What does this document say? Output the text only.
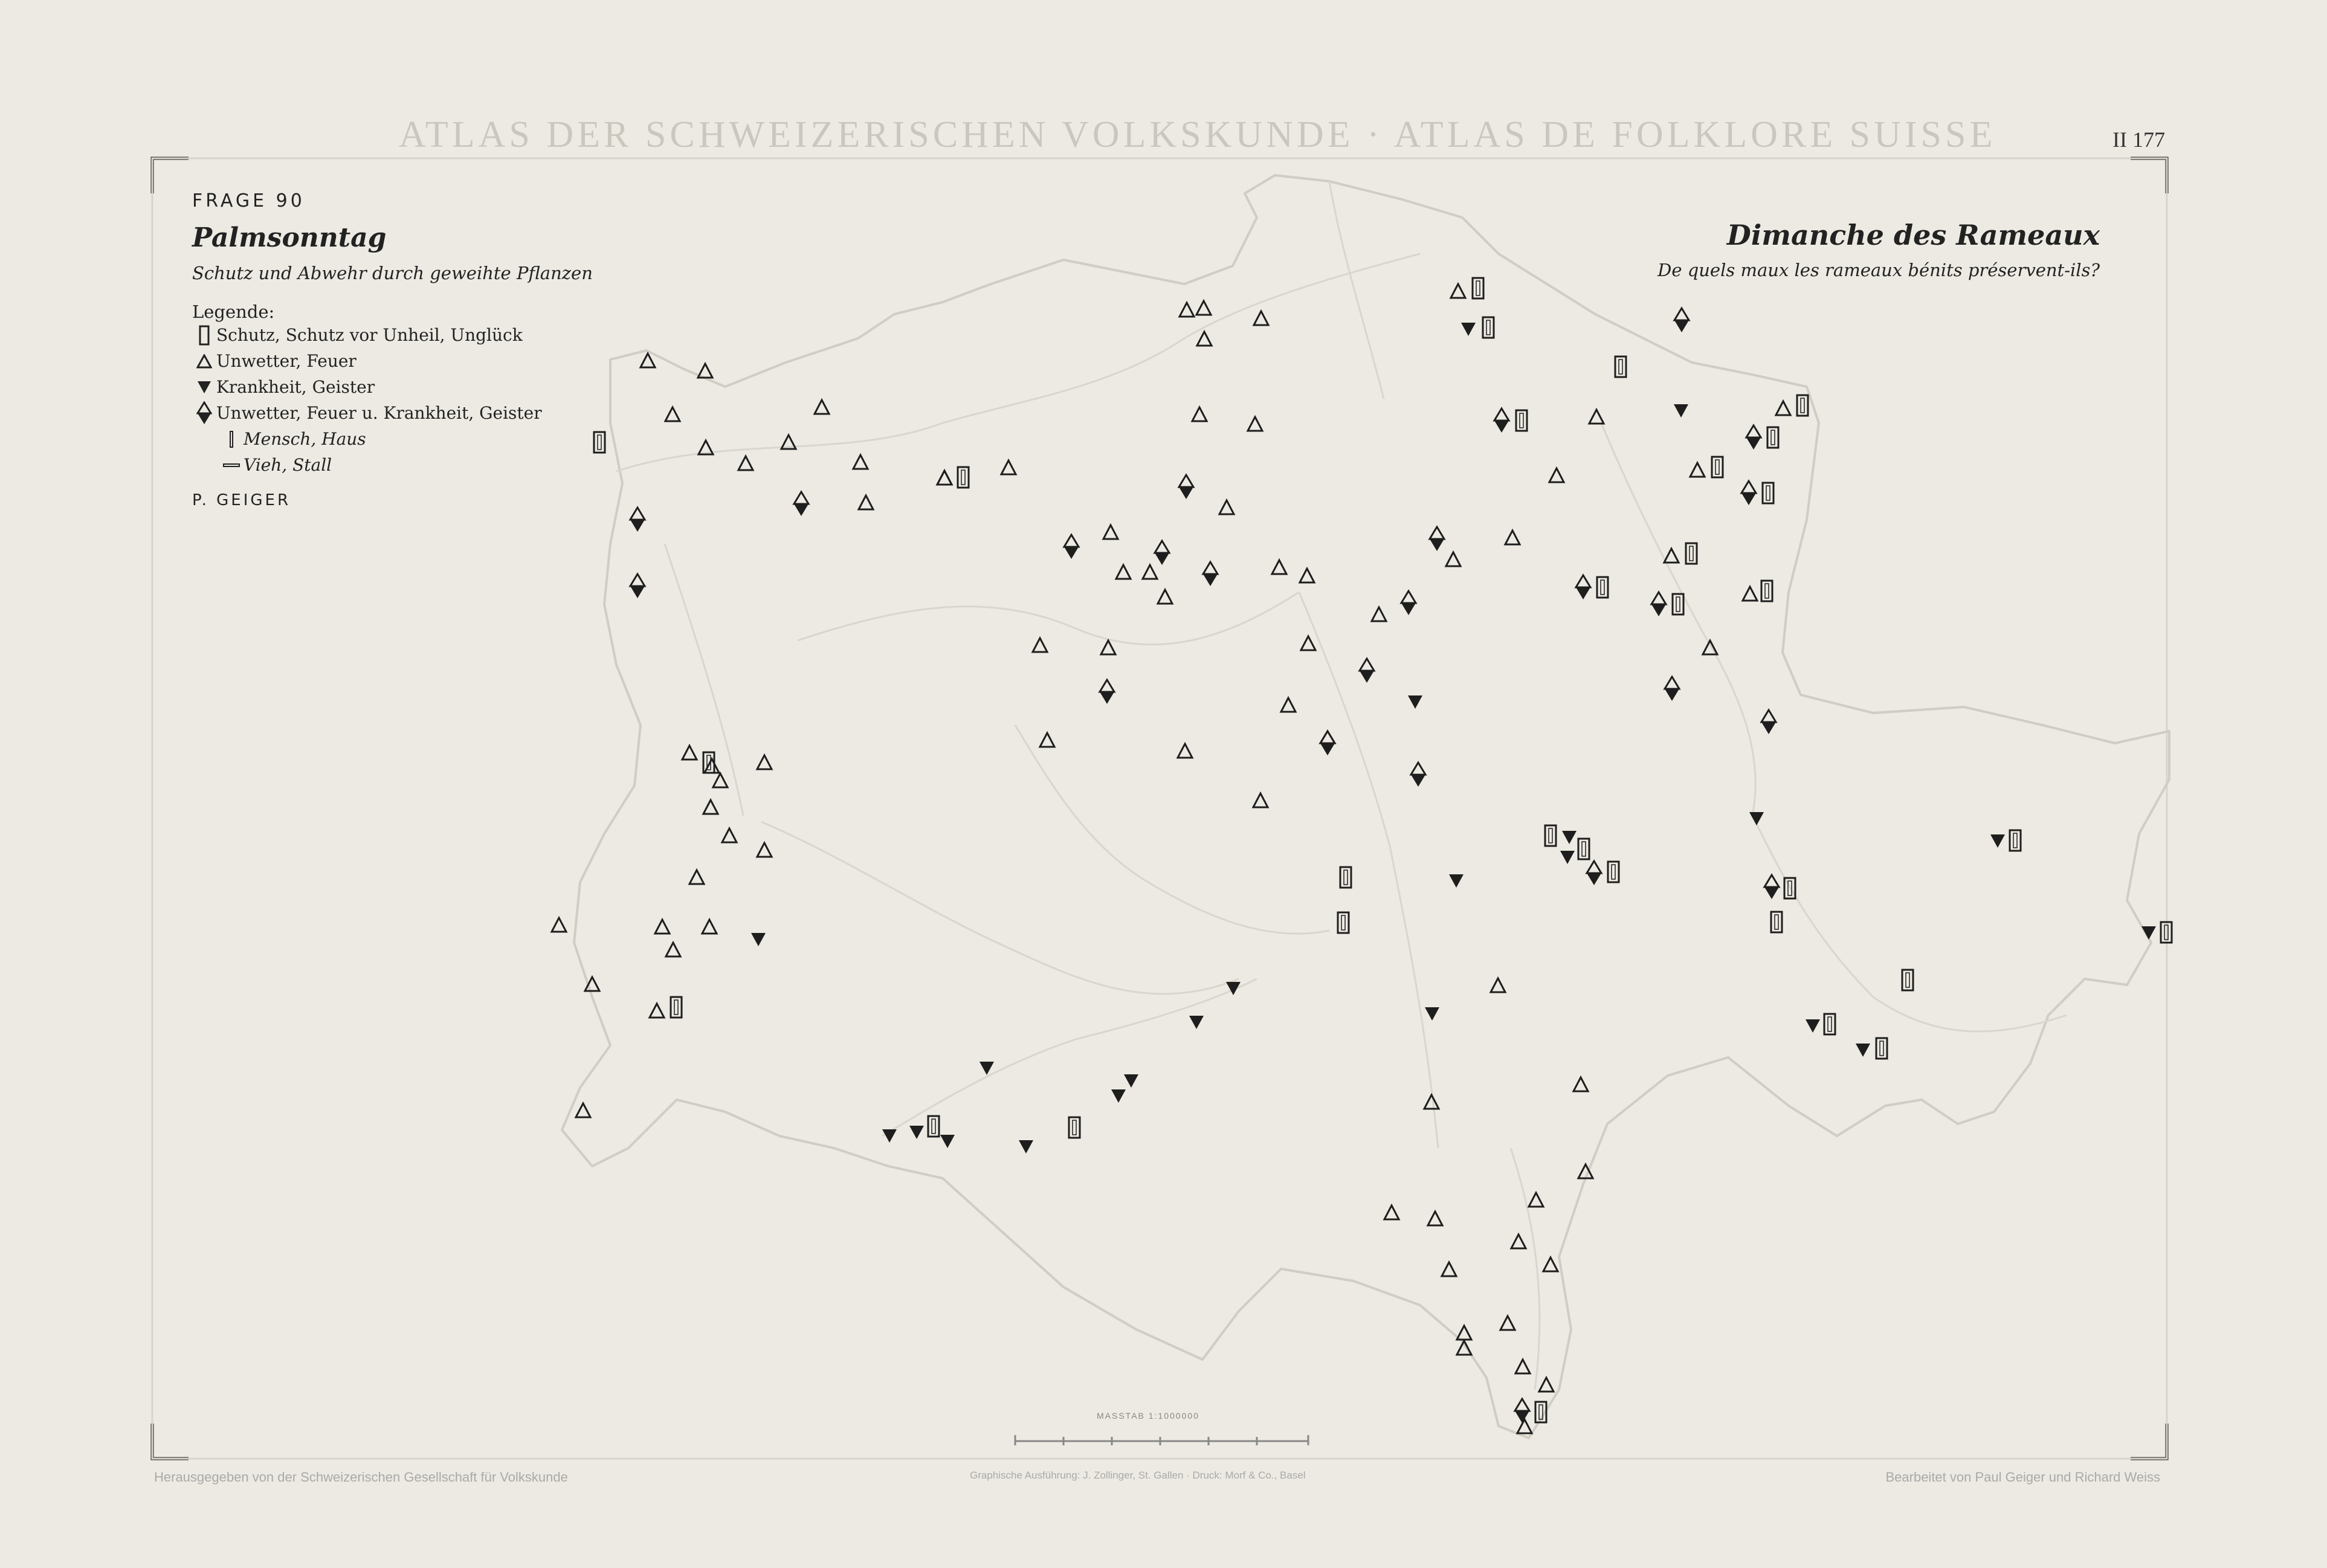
ATLAS DER SCHWEIZERISCHEN VOLKSKUNDE · ATLAS DE FOLKLORE SUISSE	II 177
FRAGE 90
Palmsonntag
Schutz und Abwehr durch geweihte Pflanzen
Legende:
Schutz, Schutz vor Unheil, Unglück
Unwetter, Feuer
Krankheit, Geister
Unwetter, Feuer u. Krankheit, Geister
Mensch, Haus
Vieh, Stall
P. GEIGER
Dimanche des Rameaux
De quels maux les rameaux bénits préservent-ils?
MASSTAB 1:1000000
Herausgegeben von der Schweizerischen Gesellschaft für Volkskunde	Graphische Ausführung: J. Zollinger, St. Gallen · Druck: Morf & Co., Basel	Bearbeitet von Paul Geiger und Richard Weiss
